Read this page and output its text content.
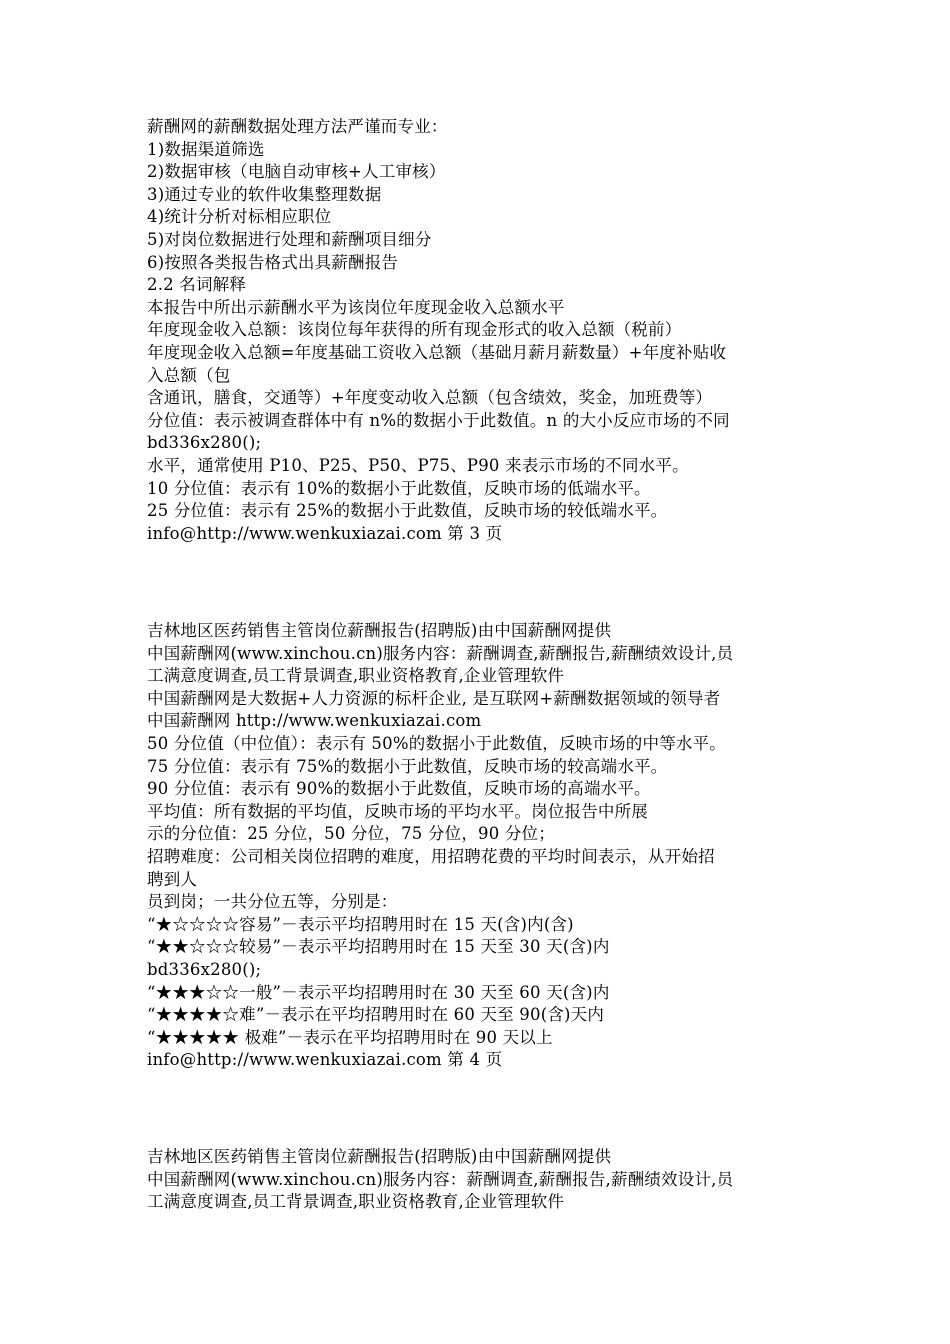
薪酬网的薪酬数据处理方法严谨而专业：
1)数据渠道筛选
2)数据审核（电脑自动审核+人工审核）
3)通过专业的软件收集整理数据
4)统计分析对标相应职位
5)对岗位数据进行处理和薪酬项目细分
6)按照各类报告格式出具薪酬报告
2.2 名词解释
本报告中所出示薪酬水平为该岗位年度现金收入总额水平
年度现金收入总额：该岗位每年获得的所有现金形式的收入总额（税前）
年度现金收入总额=年度基础工资收入总额（基础月薪月薪数量）+年度补贴收
入总额（包
含通讯，膳食，交通等）+年度变动收入总额（包含绩效，奖金，加班费等）
分位值：表示被调查群体中有 n%的数据小于此数值。n 的大小反应市场的不同
bd336x280();
水平，通常使用 P10、P25、P50、P75、P90 来表示市场的不同水平。
10 分位值：表示有 10%的数据小于此数值，反映市场的低端水平。
25 分位值：表示有 25%的数据小于此数值，反映市场的较低端水平。
info@http://www.wenkuxiazai.com 第 3 页
吉林地区医药销售主管岗位薪酬报告(招聘版)由中国薪酬网提供
中国薪酬网(www.xinchou.cn)服务内容：薪酬调查,薪酬报告,薪酬绩效设计,员
工满意度调查,员工背景调查,职业资格教育,企业管理软件
中国薪酬网是大数据+人力资源的标杆企业, 是互联网+薪酬数据领域的领导者
中国薪酬网 http://www.wenkuxiazai.com
50 分位值（中位值）：表示有 50%的数据小于此数值，反映市场的中等水平。
75 分位值：表示有 75%的数据小于此数值，反映市场的较高端水平。
90 分位值：表示有 90%的数据小于此数值，反映市场的高端水平。
平均值：所有数据的平均值，反映市场的平均水平。岗位报告中所展
示的分位值：25 分位，50 分位，75 分位，90 分位；
招聘难度：公司相关岗位招聘的难度，用招聘花费的平均时间表示，从开始招
聘到人
员到岗；一共分位五等，分别是：
“★☆☆☆☆容易”－表示平均招聘用时在 15 天(含)内(含)
“★★☆☆☆较易”－表示平均招聘用时在 15 天至 30 天(含)内
bd336x280();
“★★★☆☆一般”－表示平均招聘用时在 30 天至 60 天(含)内
“★★★★☆难”－表示在平均招聘用时在 60 天至 90(含)天内
“★★★★★ 极难”－表示在平均招聘用时在 90 天以上
info@http://www.wenkuxiazai.com 第 4 页
吉林地区医药销售主管岗位薪酬报告(招聘版)由中国薪酬网提供
中国薪酬网(www.xinchou.cn)服务内容：薪酬调查,薪酬报告,薪酬绩效设计,员
工满意度调查,员工背景调查,职业资格教育,企业管理软件
